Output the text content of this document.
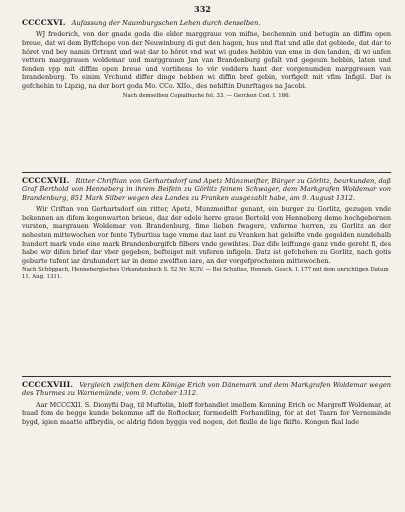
332

CCCCXVI. Aufassung der Naumburgschen Lehen durch denselben.

WJ frederich, von der gnade goda die elder marggraue von mifne, bechennin und betugin an diffim open breue, dat wi dem Byffchope von der Neuwinburg di gut den hagen, hus und ftat und alle dat gebiede, dat dar to hôret vnd bey namin Ortrant und wat dar to hôret vnd wat wi gudes hebbin van eme in den landen, di wi unfen vettern marggrauen woldemar und marggrauen Jan van Brandenburg gefalt vnd gegeuin hebbin, laten und fenden vpp mit diffim open breue und vortihens to vôr veddern hant der vorgenumden marggreuen van brandenburg. To einim Vrchund differ dinge hebben wi diffin bref gebin, vorfigelt mit vfim Infigil. Dat is gefchehin to Lipzig, na der bort goda Mo. CCo. XIIo., des nehiftin Dunrftages na Jacobi.

Nach demselben Copialbuche fol. 33. — Gercken Cod. I. 186.

CCCCXVII. Ritter Chriftian von Gerhartsdorf und Apetz Münzmeifter, Bürger zu Görlitz, beurkunden, daß Graf Berthold von Henneberg in ihrem Beifein zu Görlitz feinem Schwager, dem Markgrafen Woldemar von Brandenburg, 851 Mark Silber wegen des Landes zu Franken ausgezahlt habe, am 9. August 1312.

Wir Criftan von Gerhartsdorf ein ritter, Apetz, Munzmeifter genant, ein burger zu Gorlitz, gezugen vnde bekennen an difem kegenwarten brieue, daz der edele herre graue Bertold von Henneberg deme hochgebornen vursten, margrauen Woldemar von Brandenburg, fime lieben fwagere, vnferme herren, zu Gorlitz an der nehesten mittewochen vor fente Tyburtius tage vmme daz lant zu Vranken hat geleifte vnde gegolden nundehalb hundert mark vnde eine mark Brandenburgifch filbers vnde gewihtes. Daz dife leiftunge ganz vnde gereht fi, des habe wir difen brief dar vber gegeben, befteiget mit vnferen infigeln. Datz ist gefchehen zu Gorlitz, nach gotis geburte tufent iar druhundert iar in deme zwelften iare, an der vorgefprochenen mittewochen.

Nach Schöppach, Hennebergisches Urkundenbuch S. 52 Nr. XCIV. — Bei Schultes, Henneb. Gesch. I. 177 mit dem unrichtigen Datum 11. Aug. 1311.

CCCCXVIII. Vergleich zwifchen dem Könige Erich von Dänemark und dem Markgrafen Woldemar wegen des Thurmes zu Warnemünde, vom 9. October 1312.

Aar MCCCXII. S. Dionyfii Dag, til Muftelin, bleff forhandlet imellem Konning Erich oc Margreff Woldemar, at huad fom de begge kunde bekomme aff de Roftocker, formedelft Forhandling, for at det Taarn for Verneminde bygd, igien maatte affbrydis, oc aldrig fiden byggis ved nogen, det fkulle de lige fkifte. Kongen fkal lade
